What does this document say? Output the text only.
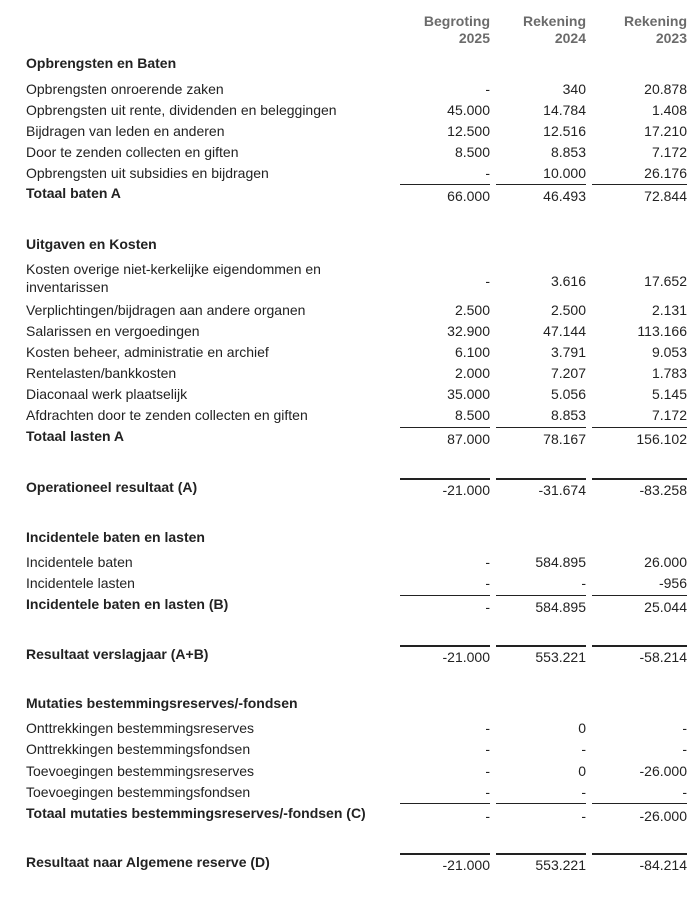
Begroting
2025
Rekening
2024
Rekening
2023
Opbrengsten en Baten
Opbrengsten onroerende zaken	-	340	20.878
Opbrengsten uit rente, dividenden en beleggingen	45.000	14.784	1.408
Bijdragen van leden en anderen	12.500	12.516	17.210
Door te zenden collecten en giften	8.500	8.853	7.172
Opbrengsten uit subsidies en bijdragen	-	10.000	26.176
Totaal baten A	66.000	46.493	72.844
Uitgaven en Kosten
Kosten overige niet-kerkelijke eigendommen en inventarissen	-	3.616	17.652
Verplichtingen/bijdragen aan andere organen	2.500	2.500	2.131
Salarissen en vergoedingen	32.900	47.144	113.166
Kosten beheer, administratie en archief	6.100	3.791	9.053
Rentelasten/bankkosten	2.000	7.207	1.783
Diaconaal werk plaatselijk	35.000	5.056	5.145
Afdrachten door te zenden collecten en giften	8.500	8.853	7.172
Totaal lasten A	87.000	78.167	156.102
Operationeel resultaat (A)	-21.000	-31.674	-83.258
Incidentele baten en lasten
Incidentele baten	-	584.895	26.000
Incidentele lasten	-	-	-956
Incidentele baten en lasten (B)	-	584.895	25.044
Resultaat verslagjaar (A+B)	-21.000	553.221	-58.214
Mutaties bestemmingsreserves/-fondsen
Onttrekkingen bestemmingsreserves	-	0	-
Onttrekkingen bestemmingsfondsen	-	-	-
Toevoegingen bestemmingsreserves	-	0	-26.000
Toevoegingen bestemmingsfondsen	-	-	-
Totaal mutaties bestemmingsreserves/-fondsen (C)	-	-	-26.000
Resultaat naar Algemene reserve (D)	-21.000	553.221	-84.214
